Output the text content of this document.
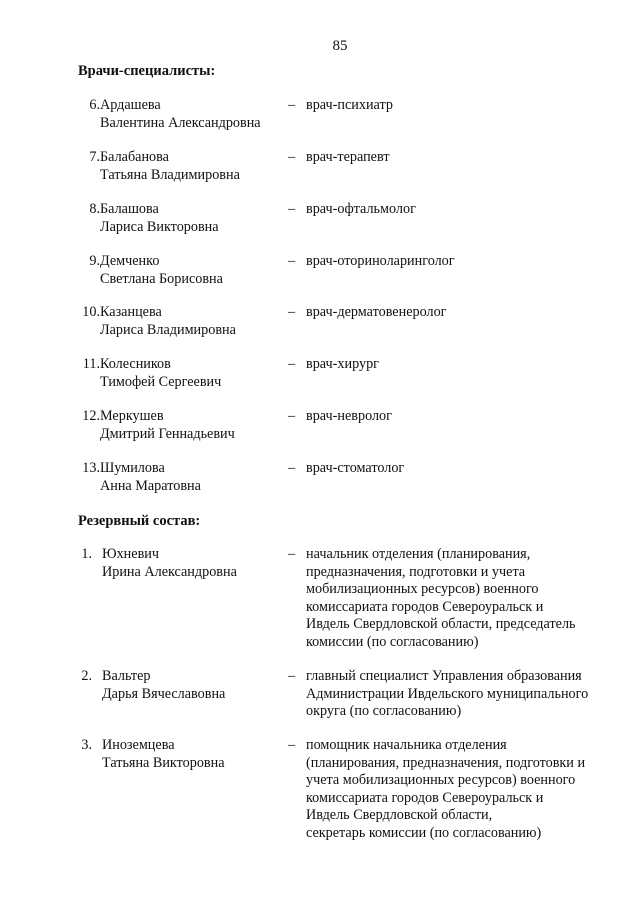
85
Врачи-специалисты:
6. Ардашева
Валентина Александровна
– врач-психиатр
7. Балабанова
Татьяна Владимировна
– врач-терапевт
8. Балашова
Лариса Викторовна
– врач-офтальмолог
9. Демченко
Светлана Борисовна
– врач-оториноларинголог
10. Казанцева
Лариса Владимировна
– врач-дерматовенеролог
11. Колесников
Тимофей Сергеевич
– врач-хирург
12. Меркушев
Дмитрий Геннадьевич
– врач-невролог
13. Шумилова
Анна Маратовна
– врач-стоматолог
Резервный состав:
1. Юхневич
Ирина Александровна
– начальник отделения (планирования,
предназначения, подготовки и учета
мобилизационных ресурсов) военного
комиссариата городов Североуральск и
Ивдель Свердловской области, председатель
комиссии (по согласованию)
2. Вальтер
Дарья Вячеславовна
– главный специалист Управления образования
Администрации Ивдельского муниципального
округа (по согласованию)
3. Иноземцева
Татьяна Викторовна
– помощник начальника отделения
(планирования, предназначения, подготовки и
учета мобилизационных ресурсов) военного
комиссариата городов Североуральск и
Ивдель Свердловской области,
секретарь комиссии (по согласованию)
